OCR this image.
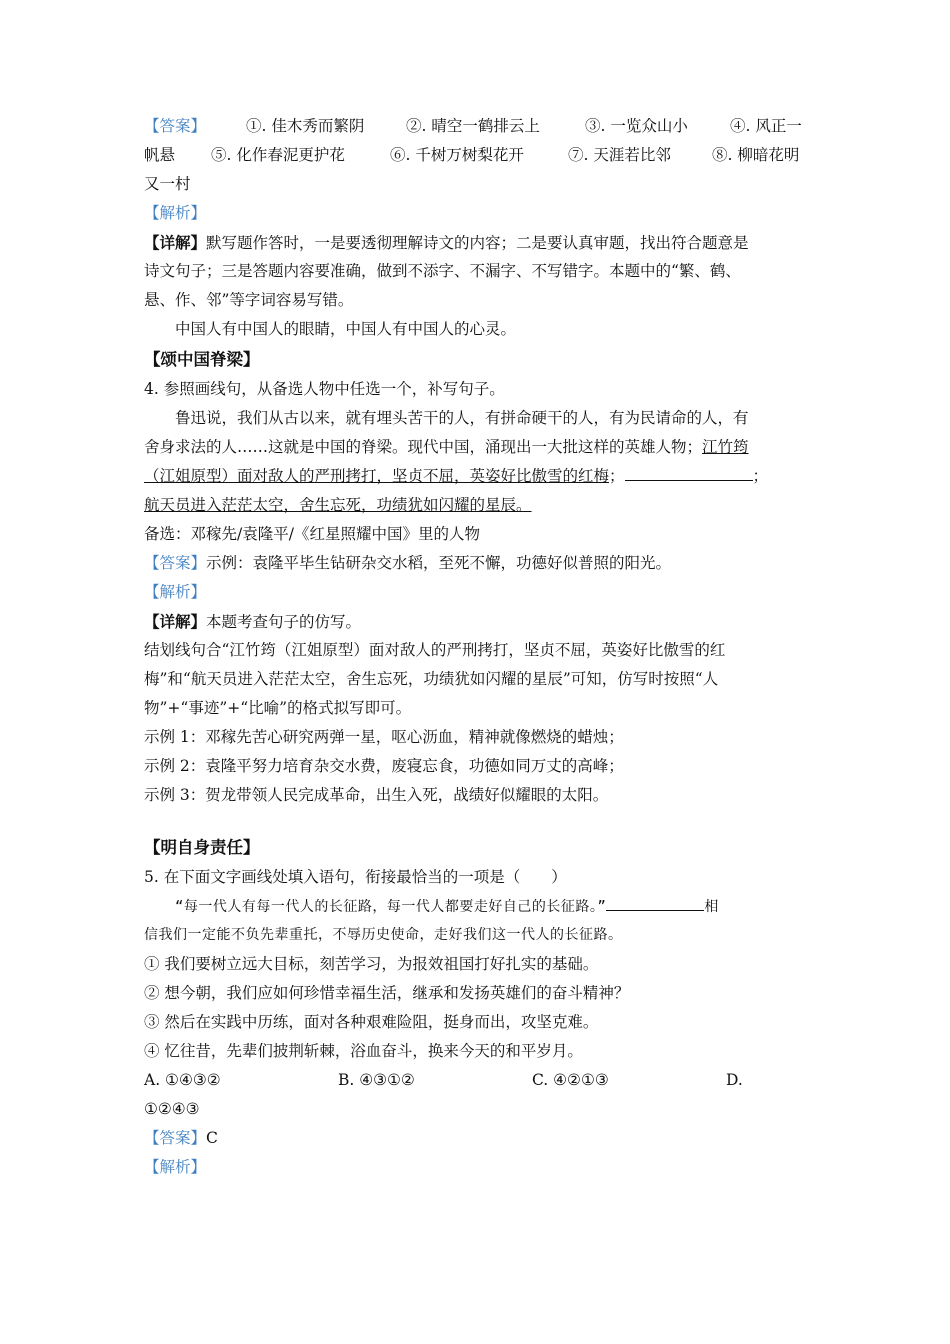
【答案】	①. 佳木秀而繁阴	②. 晴空一鹤排云上	③. 一览众山小	④. 风正一
帆悬 ⑤. 化作春泥更护花	⑥. 千树万树梨花开	⑦. 天涯若比邻	⑧. 柳暗花明
又一村
【解析】
【详解】默写题作答时，一是要透彻理解诗文的内容；二是要认真审题，找出符合题意是
诗文句子；三是答题内容要准确，做到不添字、不漏字、不写错字。本题中的“繁、鹤、
悬、作、邻”等字词容易写错。
中国人有中国人的眼睛，中国人有中国人的心灵。
【颂中国脊梁】
4. 参照画线句，从备选人物中任选一个，补写句子。
鲁迅说，我们从古以来，就有埋头苦干的人，有拼命硬干的人，有为民请命的人，有
舍身求法的人……这就是中国的脊梁。现代中国，涌现出一大批这样的英雄人物；江竹筠
（江姐原型）面对敌人的严刑拷打，坚贞不屈，英姿好比傲雪的红梅；	；
航天员进入茫茫太空，舍生忘死，功绩犹如闪耀的星辰。
备选：邓稼先/袁隆平/《红星照耀中国》里的人物
【答案】示例：袁隆平毕生钻研杂交水稻，至死不懈，功德好似普照的阳光。
【解析】
【详解】本题考查句子的仿写。
结划线句合“江竹筠（江姐原型）面对敌人的严刑拷打，坚贞不屈，英姿好比傲雪的红
梅”和“航天员进入茫茫太空，舍生忘死，功绩犹如闪耀的星辰”可知，仿写时按照“人
物”+“事迹”+“比喻”的格式拟写即可。
示例 1：邓稼先苦心研究两弹一星，呕心沥血，精神就像燃烧的蜡烛；
示例 2：袁隆平努力培育杂交水费，废寝忘食，功德如同万丈的高峰；
示例 3：贺龙带领人民完成革命，出生入死，战绩好似耀眼的太阳。
【明自身责任】
5. 在下面文字画线处填入语句，衔接最恰当的一项是（　　）
“每一代人有每一代人的长征路，每一代人都要走好自己的长征路。”	相
信我们一定能不负先辈重托，不辱历史使命，走好我们这一代人的长征路。
① 我们要树立远大目标，刻苦学习，为报效祖国打好扎实的基础。
② 想今朝，我们应如何珍惜幸福生活，继承和发扬英雄们的奋斗精神？
③ 然后在实践中历练，面对各种艰难险阻，挺身而出，攻坚克难。
④ 忆往昔，先辈们披荆斩棘，浴血奋斗，换来今天的和平岁月。
A. ①④③②	B. ④③①②	C. ④②①③	D.
①②④③
【答案】C
【解析】
